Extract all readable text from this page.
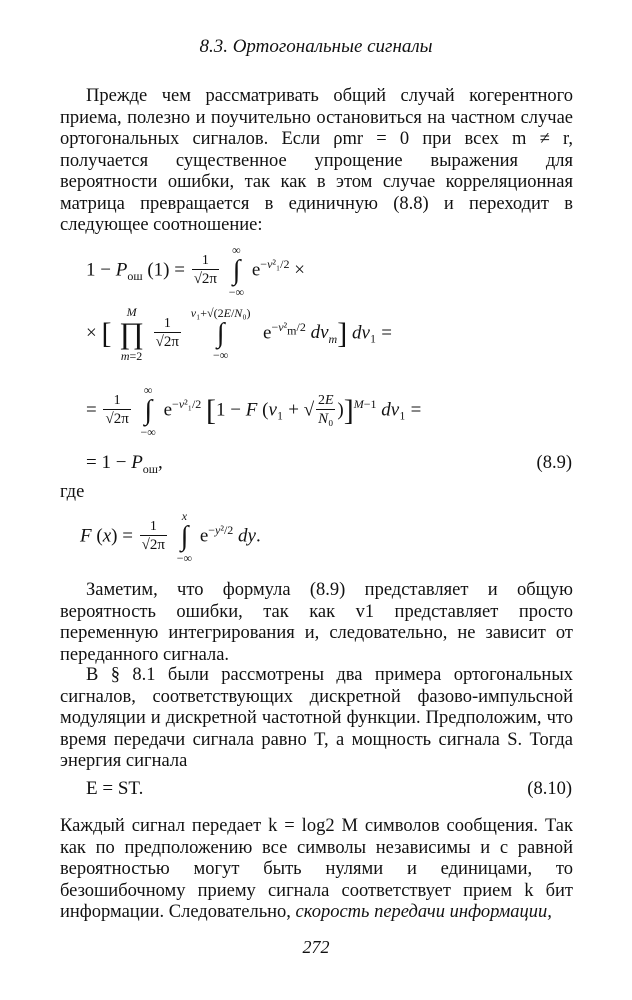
8.3. Ортогональные сигналы

Прежде чем рассматривать общий случай когерентного приема, полезно и поучительно остановиться на частном случае ортогональных сигналов. Если ρmr = 0 при всех m ≠ r, получается существенное упрощение выражения для вероятности ошибки, так как в этом случае корреляционная матрица превращается в единичную (8.8) и переходит в следующее соотношение:

$1 - P_{ош}$ $(1) = \frac{1}{√2\pi}$

∞
∫
−∞
$e^{-v^2_1/2}$ ×
× [
M
∏
m=2

$\frac{1}{√2\pi}$

v₁+√(2E/N₀)
∫
−∞
$e^{-v^2_m/2}$ $dv_m$] dv₁ =
= $\frac{1}{√2\pi}$

∞
∫
−∞
$e^{-v^2_1/2}$ [1 − F (v₁ + √ $\frac{2E}{\text{N₀}} )]^{M-1}$ dv₁ =
= $1 - P_{ош}$,	(8.9)
где
F $(x) = \frac{1}{√2\pi}$

x
∫
−∞
$e^{-y^2/2}$ dy.

Заметим, что формула (8.9) представляет и общую вероятность ошибки, так как v1 представляет просто переменную интегрирования и, следовательно, не зависит от переданного сигнала.

В § 8.1 были рассмотрены два примера ортогональных сигналов, соответствующих дискретной фазово-импульсной модуляции и дискретной частотной функции. Предположим, что время передачи сигнала равно T, а мощность сигнала S. Тогда энергия сигнала

E = ST.	(8.10)

Каждый сигнал передает k = log2 M символов сообщения. Так как по предположению все символы независимы и с равной вероятностью могут быть нулями и единицами, то безошибочному приему сигнала соответствует прием k бит информации. Следовательно, скорость передачи информации,

272
